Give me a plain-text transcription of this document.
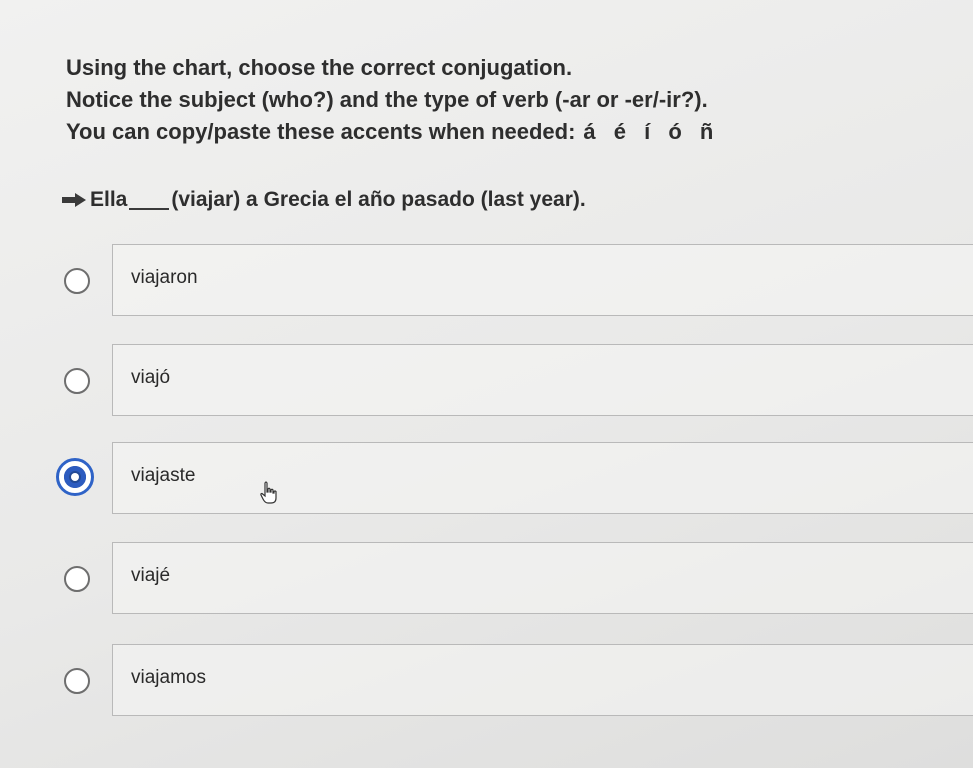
Using the chart, choose the correct conjugation.
Notice the subject (who?) and the type of verb (-ar or -er/-ir?).
You can copy/paste these accents when needed: á é í ó ñ
Ella (viajar) a Grecia el año pasado (last year).
viajaron
viajó
viajaste
viajé
viajamos
